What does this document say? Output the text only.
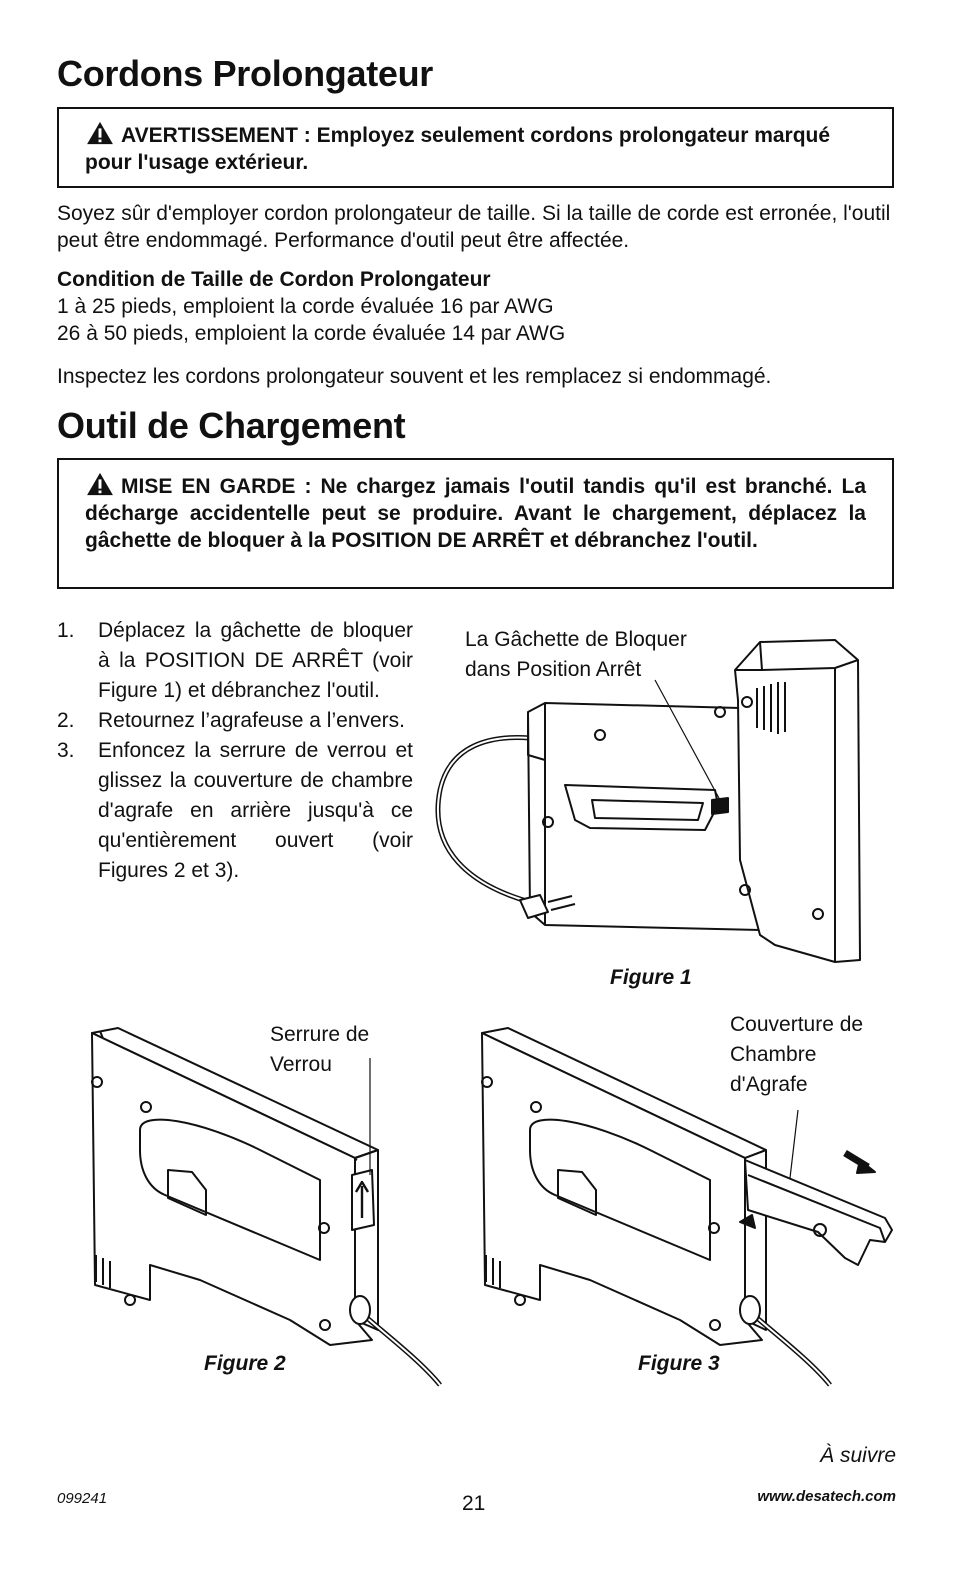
Cordons Prolongateur
AVERTISSEMENT : Employez seulement cordons prolongateur marqué pour l'usage extérieur.
Soyez sûr d'employer cordon prolongateur de taille. Si la taille de corde est erronée, l'outil peut être endommagé. Performance d'outil peut être affectée.
Condition de Taille de Cordon Prolongateur
1 à 25 pieds, emploient la corde évaluée 16 par AWG
26 à 50 pieds, emploient la corde évaluée 14 par AWG
Inspectez les cordons prolongateur souvent et les remplacez si endommagé.
Outil de Chargement
MISE EN GARDE : Ne chargez jamais l'outil tandis qu'il est branché. La décharge accidentelle peut se produire. Avant le chargement, déplacez la gâchette de bloquer à la POSITION DE ARRÊT et débranchez l'outil.
1. Déplacez la gâchette de bloquer à la POSITION DE ARRÊT (voir Figure 1) et débranchez l'outil.
2. Retournez l’agrafeuse a l’envers.
3. Enfoncez la serrure de verrou et glissez la couverture de chambre d'agrafe en arrière jusqu'à ce qu'entièrement ouvert (voir Figures 2 et 3).
La Gâchette de Bloquer
dans Position Arrêt
Figure 1
Serrure de
Verrou
Figure 2
Couverture de
Chambre
d'Agrafe
Figure 3
À suivre
099241	21	www.desatech.com
